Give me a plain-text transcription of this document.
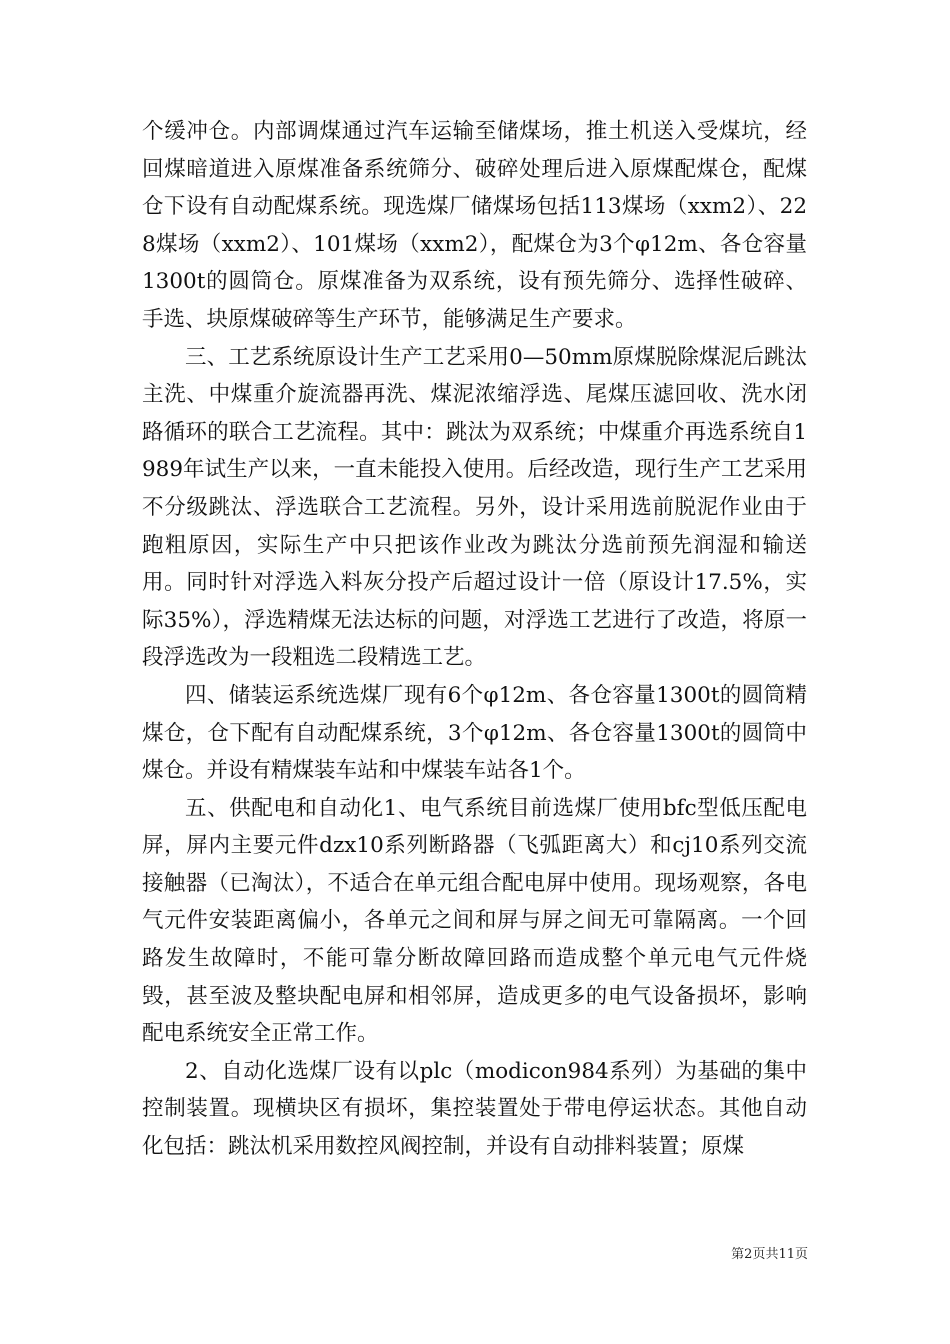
个缓冲仓。内部调煤通过汽车运输至储煤场，推土机送入受煤坑，经回煤暗道进入原煤准备系统筛分、破碎处理后进入原煤配煤仓，配煤仓下设有自动配煤系统。现选煤厂储煤场包括113煤场（xxm2）、228煤场（xxm2）、101煤场（xxm2），配煤仓为3个φ12m、各仓容量1300t的圆筒仓。原煤准备为双系统，设有预先筛分、选择性破碎、手选、块原煤破碎等生产环节，能够满足生产要求。

三、工艺系统原设计生产工艺采用0—50mm原煤脱除煤泥后跳汰主洗、中煤重介旋流器再洗、煤泥浓缩浮选、尾煤压滤回收、洗水闭路循环的联合工艺流程。其中：跳汰为双系统；中煤重介再选系统自1989年试生产以来，一直未能投入使用。后经改造，现行生产工艺采用不分级跳汰、浮选联合工艺流程。另外，设计采用选前脱泥作业由于跑粗原因，实际生产中只把该作业改为跳汰分选前预先润湿和输送用。同时针对浮选入料灰分投产后超过设计一倍（原设计17.5%，实际35%），浮选精煤无法达标的问题，对浮选工艺进行了改造，将原一段浮选改为一段粗选二段精选工艺。

四、储装运系统选煤厂现有6个φ12m、各仓容量1300t的圆筒精煤仓，仓下配有自动配煤系统，3个φ12m、各仓容量1300t的圆筒中煤仓。并设有精煤装车站和中煤装车站各1个。

五、供配电和自动化1、电气系统目前选煤厂使用bfc型低压配电屏，屏内主要元件dzx10系列断路器（飞弧距离大）和cj10系列交流接触器（已淘汰），不适合在单元组合配电屏中使用。现场观察，各电气元件安装距离偏小，各单元之间和屏与屏之间无可靠隔离。一个回路发生故障时，不能可靠分断故障回路而造成整个单元电气元件烧毁，甚至波及整块配电屏和相邻屏，造成更多的电气设备损坏，影响配电系统安全正常工作。

2、自动化选煤厂设有以plc（modicon984系列）为基础的集中控制装置。现横块区有损坏，集控装置处于带电停运状态。其他自动化包括：跳汰机采用数控风阀控制，并设有自动排料装置；原煤

第2页共11页
